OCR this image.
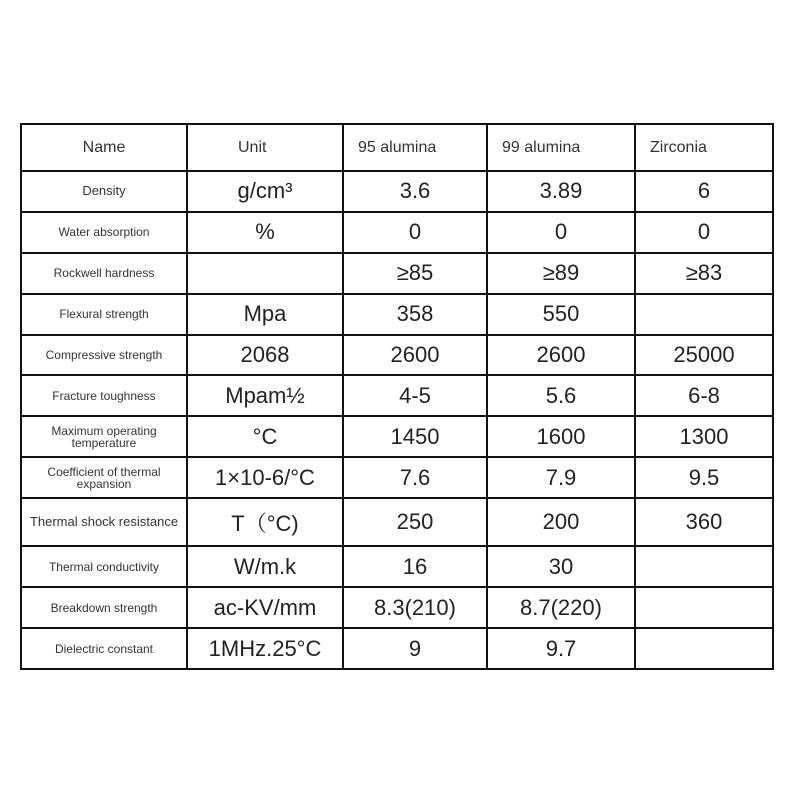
Name	Unit	95 alumina	99 alumina	Zirconia
Density	g/cm³	3.6	3.89	6
Water absorption	%	0	0	0
Rockwell hardness		≥85	≥89	≥83
Flexural strength	Mpa	358	550	
Compressive strength	2068	2600	2600	25000
Fracture toughness	Mpam½	4-5	5.6	6-8
Maximum operating temperature	°C	1450	1600	1300
Coefficient of thermal expansion	1×10-6/°C	7.6	7.9	9.5
Thermal shock resistance	T（°C)	250	200	360
Thermal conductivity	W/m.k	16	30	
Breakdown strength	ac-KV/mm	8.3(210)	8.7(220)	
Dielectric constant	1MHz.25°C	9	9.7	
